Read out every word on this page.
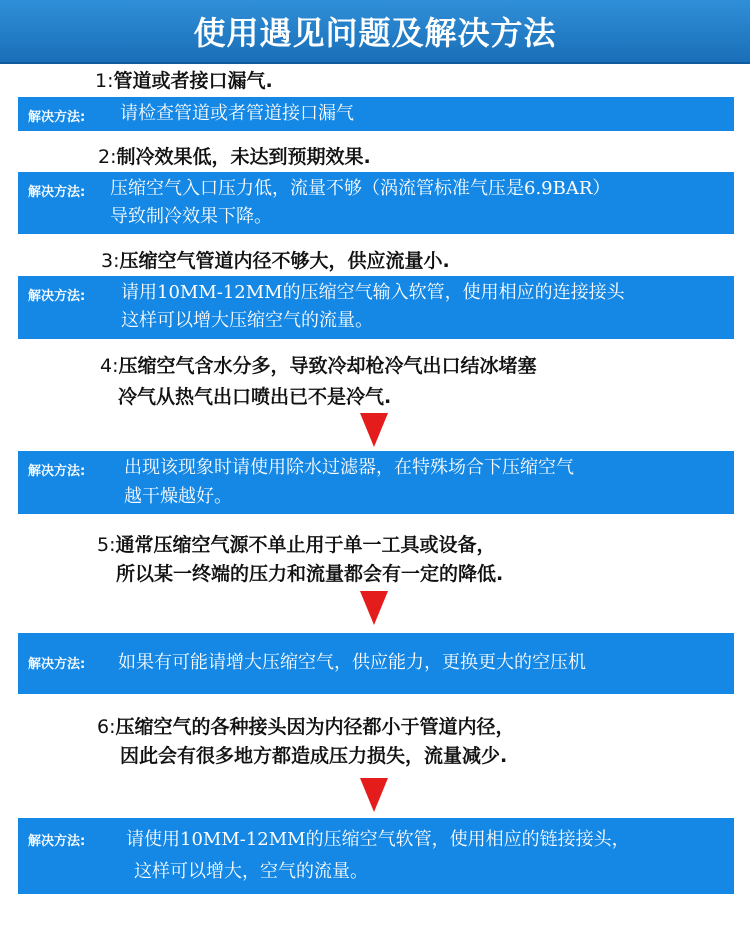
使用遇见问题及解决方法
1:管道或者接口漏气.
解决方法: 请检查管道或者管道接口漏气
2:制冷效果低，未达到预期效果.
解决方法: 压缩空气入口压力低，流量不够（涡流管标准气压是6.9BAR）
导致制冷效果下降。
3:压缩空气管道内径不够大，供应流量小.
解决方法: 请用10MM-12MM的压缩空气输入软管，使用相应的连接接头
这样可以增大压缩空气的流量。
4:压缩空气含水分多，导致冷却枪冷气出口结冰堵塞
冷气从热气出口喷出已不是冷气.
解决方法: 出现该现象时请使用除水过滤器，在特殊场合下压缩空气
越干燥越好。
5:通常压缩空气源不单止用于单一工具或设备，
所以某一终端的压力和流量都会有一定的降低.
解决方法: 如果有可能请增大压缩空气，供应能力，更换更大的空压机
6:压缩空气的各种接头因为内径都小于管道内径，
因此会有很多地方都造成压力损失，流量减少.
解决方法: 请使用10MM-12MM的压缩空气软管，使用相应的链接接头，
这样可以增大，空气的流量。
